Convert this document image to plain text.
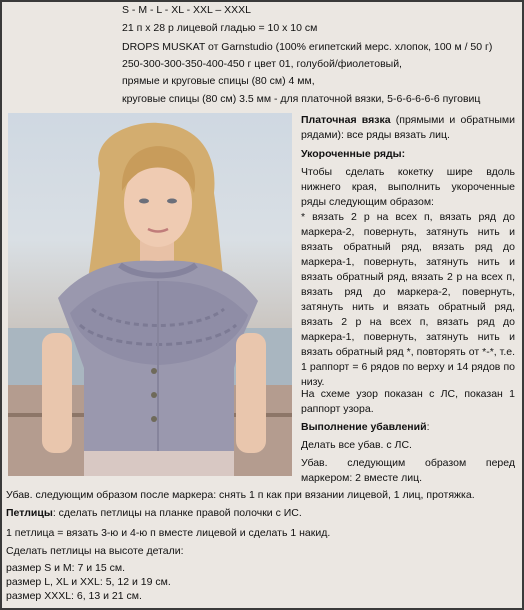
S - M - L - XL - XXL – XXXL
21 п х 28 р лицевой гладью = 10 х 10 см
DROPS MUSKAT от Garnstudio (100% египетский мерс. хлопок, 100 м / 50 г)
250-300-300-350-400-450 г цвет 01, голубой/фиолетовый,
прямые и круговые спицы (80 см) 4 мм,
круговые спицы (80 см) 3.5 мм - для платочной вязки, 5-6-6-6-6-6 пуговиц
Платочная вязка (прямыми и обратными рядами): все ряды вязать лиц.
Укороченные ряды:
Чтобы сделать кокетку шире вдоль нижнего края, выполнить укороченные ряды следующим образом:
* вязать 2 р на всех п, вязать ряд до маркера-2, повернуть, затянуть нить и вязать обратный ряд, вязать ряд до маркера-1, повернуть, затянуть нить и вязать обратный ряд, вязать 2 р на всех п, вязать ряд до маркера-2, повернуть, затянуть нить и вязать обратный ряд, вязать 2 р на всех п, вязать ряд до маркера-1, повернуть, затянуть нить и вязать обратный ряд *, повторять от *-*, т.е. 1 раппорт = 6 рядов по верху и 14 рядов по низу.
На схеме узор показан с ЛС, показан 1 раппорт узора.
Выполнение убавлений:
Делать все убав. с ЛС.
Убав. следующим образом перед маркером: 2 вместе лиц.
Убав. следующим образом после маркера: снять 1 п как при вязании лицевой, 1 лиц, протяжка.
Петлицы: сделать петлицы на планке правой полочки с ИС.
1 петлица = вязать 3-ю и 4-ю п вместе лицевой и сделать 1 накид.
Сделать петлицы на высоте детали:
размер S и M: 7 и 15 см.
размер L, XL и XXL: 5, 12 и 19 см.
размер XXXL: 6, 13 и 21 см.
